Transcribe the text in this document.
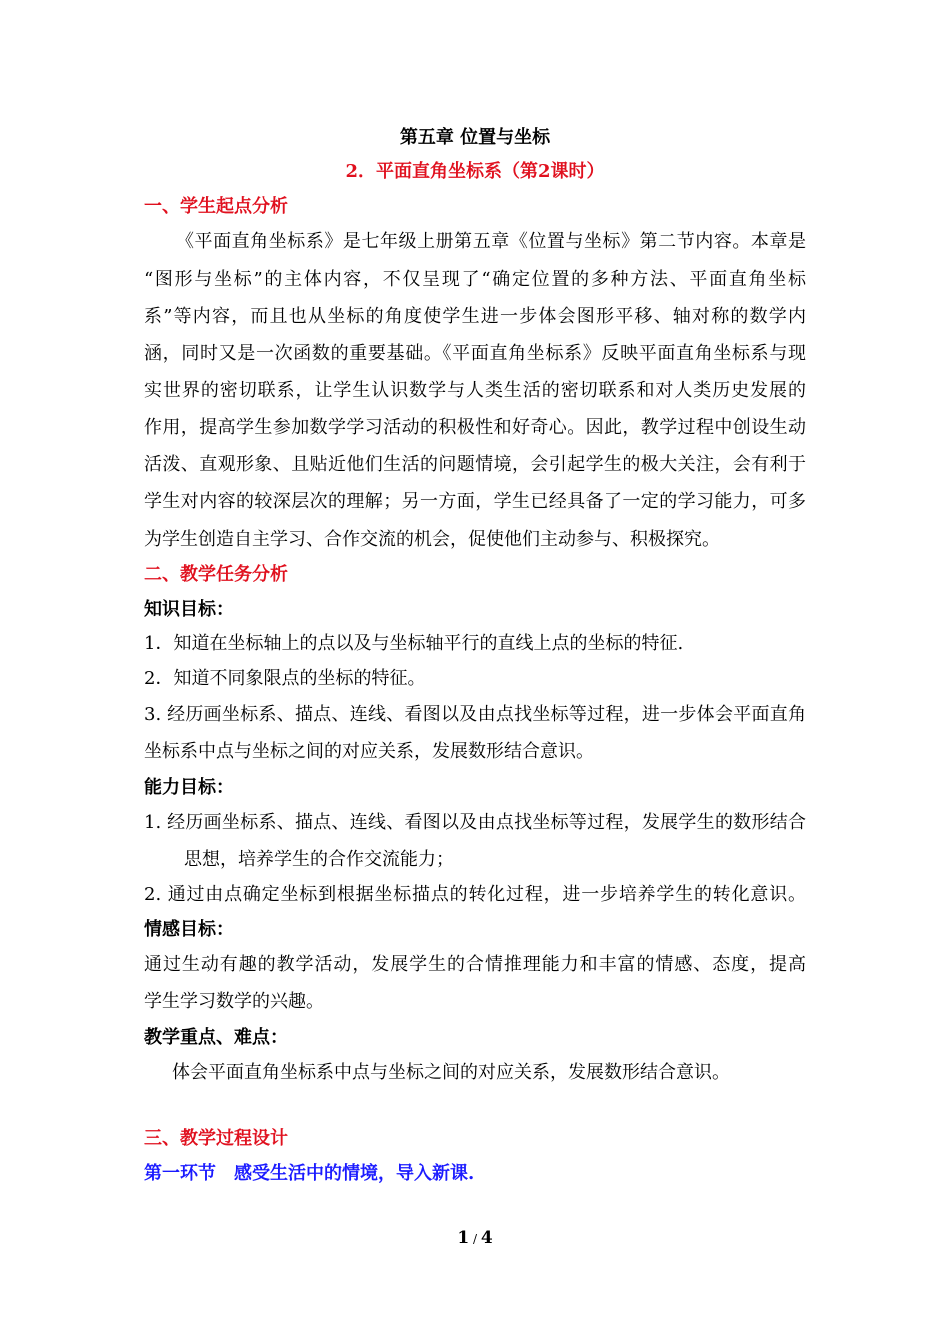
第五章 位置与坐标
2．平面直角坐标系（第2课时）
一、学生起点分析
《平面直角坐标系》是七年级上册第五章《位置与坐标》第二节内容。本章是
“图形与坐标”的主体内容，不仅呈现了“确定位置的多种方法、平面直角坐标
系”等内容，而且也从坐标的角度使学生进一步体会图形平移、轴对称的数学内
涵，同时又是一次函数的重要基础。《平面直角坐标系》反映平面直角坐标系与现
实世界的密切联系，让学生认识数学与人类生活的密切联系和对人类历史发展的
作用，提高学生参加数学学习活动的积极性和好奇心。因此，教学过程中创设生动
活泼、直观形象、且贴近他们生活的问题情境，会引起学生的极大关注，会有利于
学生对内容的较深层次的理解；另一方面，学生已经具备了一定的学习能力，可多
为学生创造自主学习、合作交流的机会，促使他们主动参与、积极探究。
二、教学任务分析
知识目标：
1．知道在坐标轴上的点以及与坐标轴平行的直线上点的坐标的特征.
2．知道不同象限点的坐标的特征。
3. 经历画坐标系、描点、连线、看图以及由点找坐标等过程，进一步体会平面直角
坐标系中点与坐标之间的对应关系，发展数形结合意识。
能力目标：
1. 经历画坐标系、描点、连线、看图以及由点找坐标等过程，发展学生的数形结合
思想，培养学生的合作交流能力；
2. 通过由点确定坐标到根据坐标描点的转化过程，进一步培养学生的转化意识。
情感目标：
通过生动有趣的教学活动，发展学生的合情推理能力和丰富的情感、态度，提高
学生学习数学的兴趣。
教学重点、难点：
体会平面直角坐标系中点与坐标之间的对应关系，发展数形结合意识。
三、教学过程设计
第一环节　感受生活中的情境，导入新课.
1 / 4
